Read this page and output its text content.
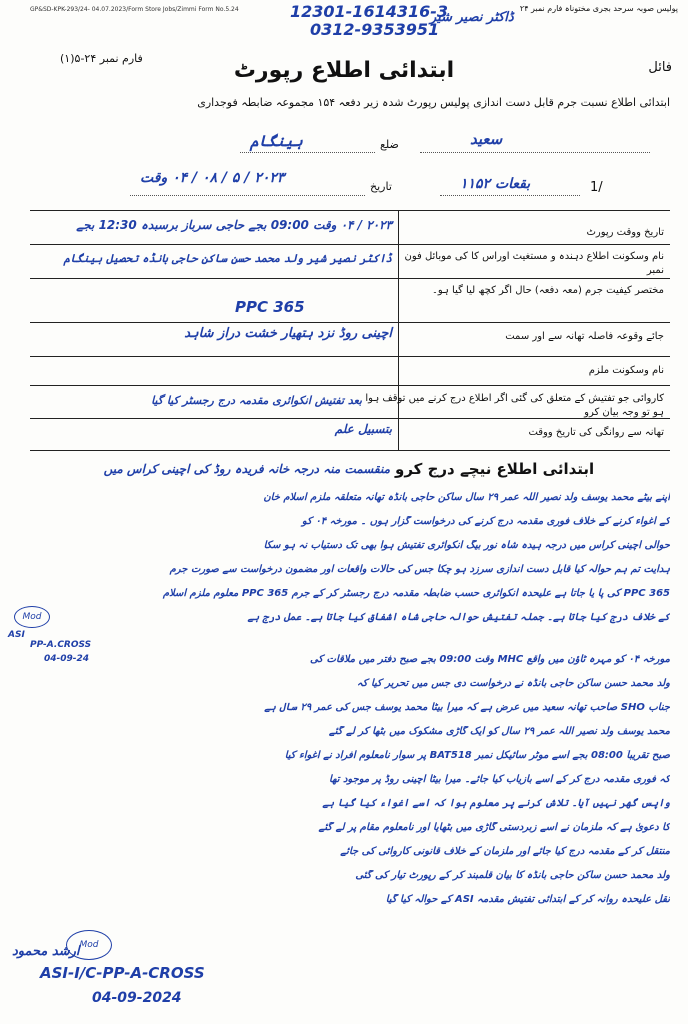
GP&SD-KPK-293/24- 04.07.2023/Form Store Jobs/Zimmi Form No.5.24	پولیس صوبہ سرحد بجری مختوناہ فارم نمبر ۲۴
12301-1614316-3
0312-9353951
ڈاکٹر نصیر شیر
فارم نمبر ۲۴-۵(۱)
فائل
ابتدائی اطلاع رپورٹ
ابتدائی اطلاع نسبت جرم قابل دست اندازی پولیس رپورٹ شدہ زیر دفعہ ۱۵۴ مجموعہ ضابطہ فوجداری
ضلع
ہینگام	سعید
تاریخ
۲۰۲۳ / ۵ / ۰۸ / ۰۴ وقت
1/
بقعات ۱۱۵۲
تاریخ ووقت رپورٹ
۲۰۲۳ / ۰۴ وقت 09:00 بجے حاجی سرباز برسبدہ 12:30 بجے
نام وسکونت اطلاع دہندہ و مستغیث اوراس کا کی موبائل فون نمبر
ڈاکٹر نصیر شیر ولد محمد حسن ساکن حاجی بانڈہ تحصیل ہینگام
مختصر کیفیت جرم (معہ دفعہ) حال اگر کچھ لیا گیا ہو۔
PPC 365
جائے وقوعہ فاصلہ تھانہ سے اور سمت
اچینی روڈ نزد ہتھیار خشت دراز شاہد
نام وسکونت ملزم
کاروائی جو تفتیش کے متعلق کی گئی اگر اطلاع درج کرنے میں توقف ہوا ہو تو وجہ بیان کرو
بعد تفتیش انکوائری مقدمہ درج رجسٹر کیا گیا
تھانہ سے روانگی کی تاریخ ووقت
بتسبیل علم
ابتدائی اطلاع نیچے درج کرو
منقسمت منہ درجہ خانہ فریدہ روڈ کی اچینی کراس میں
اپنے بیٹے محمد یوسف ولد نصیر اللہ عمر ۲۹ سال ساکن حاجی بانڈہ تھانہ متعلقہ ملزم اسلام خان
کے اغواء کرنے کے خلاف فوری مقدمہ درج کرنے کی درخواست گزار ہوں ۔ مورخہ ۰۴ کو
حوالی اچینی کراس میں درجہ ہیدہ شاہ نور بیگ انکوائری تفتیش ہوا بھی تک دستیاب نہ ہو سکا
ہدایت تم ہم حوالہ کیا قابل دست اندازی سرزد ہو چکا جس کی حالات واقعات اور مضمون درخواست سے صورت جرم
PPC 365 کی پا یا جاتا ہے علیحدہ انکوائری حسب ضابطہ مقدمہ درج رجسٹر کر کے جرم PPC 365 معلوم ملزم اسلام
کے خلاف درج کیا جاتا ہے۔ جملہ تفتیش حوالہ حاجی شاہ اشفاق کیا جاتا ہے۔ عمل درج ہے
مورخہ ۰۴ کو مہرہ ٹاؤن میں واقع MHC وقت 09:00 بجے صبح دفتر میں ملاقات کی
ولد محمد حسن ساکن حاجی بانڈہ نے درخواست دی جس میں تحریر کیا کہ
جناب SHO صاحب تھانہ سعید میں عرض ہے کہ میرا بیٹا محمد یوسف جس کی عمر ۲۹ سال ہے
محمد یوسف ولد نصیر اللہ عمر ۲۹ سال کو ایک گاڑی مشکوک میں بٹھا کر لے گئے
صبح تقریباً 08:00 بجے اسے موٹر سائیکل نمبر BAT518 پر سوار نامعلوم افراد نے اغواء کیا
کہ فوری مقدمہ درج کر کے اسے بازیاب کیا جائے۔ میرا بیٹا اچینی روڈ پر موجود تھا
واپس گھر نہیں آیا۔ تلاش کرنے پر معلوم ہوا کہ اسے اغواء کیا گیا ہے
کا دعویٰ ہے کہ ملزمان نے اسے زبردستی گاڑی میں بٹھایا اور نامعلوم مقام پر لے گئے
منتقل کر کے مقدمہ درج کیا جائے اور ملزمان کے خلاف قانونی کاروائی کی جائے
ولد محمد حسن ساکن حاجی بانڈہ کا بیان قلمبند کر کے رپورٹ تیار کی گئی
نقل علیحدہ روانہ کر کے ابتدائی تفتیش مقدمہ ASI کے حوالہ کیا گیا
Mod
ASI
PP-A.CROSS
04-09-24
ارشد محمود Mod
ASI-I/C-PP-A-CROSS
04-09-2024
